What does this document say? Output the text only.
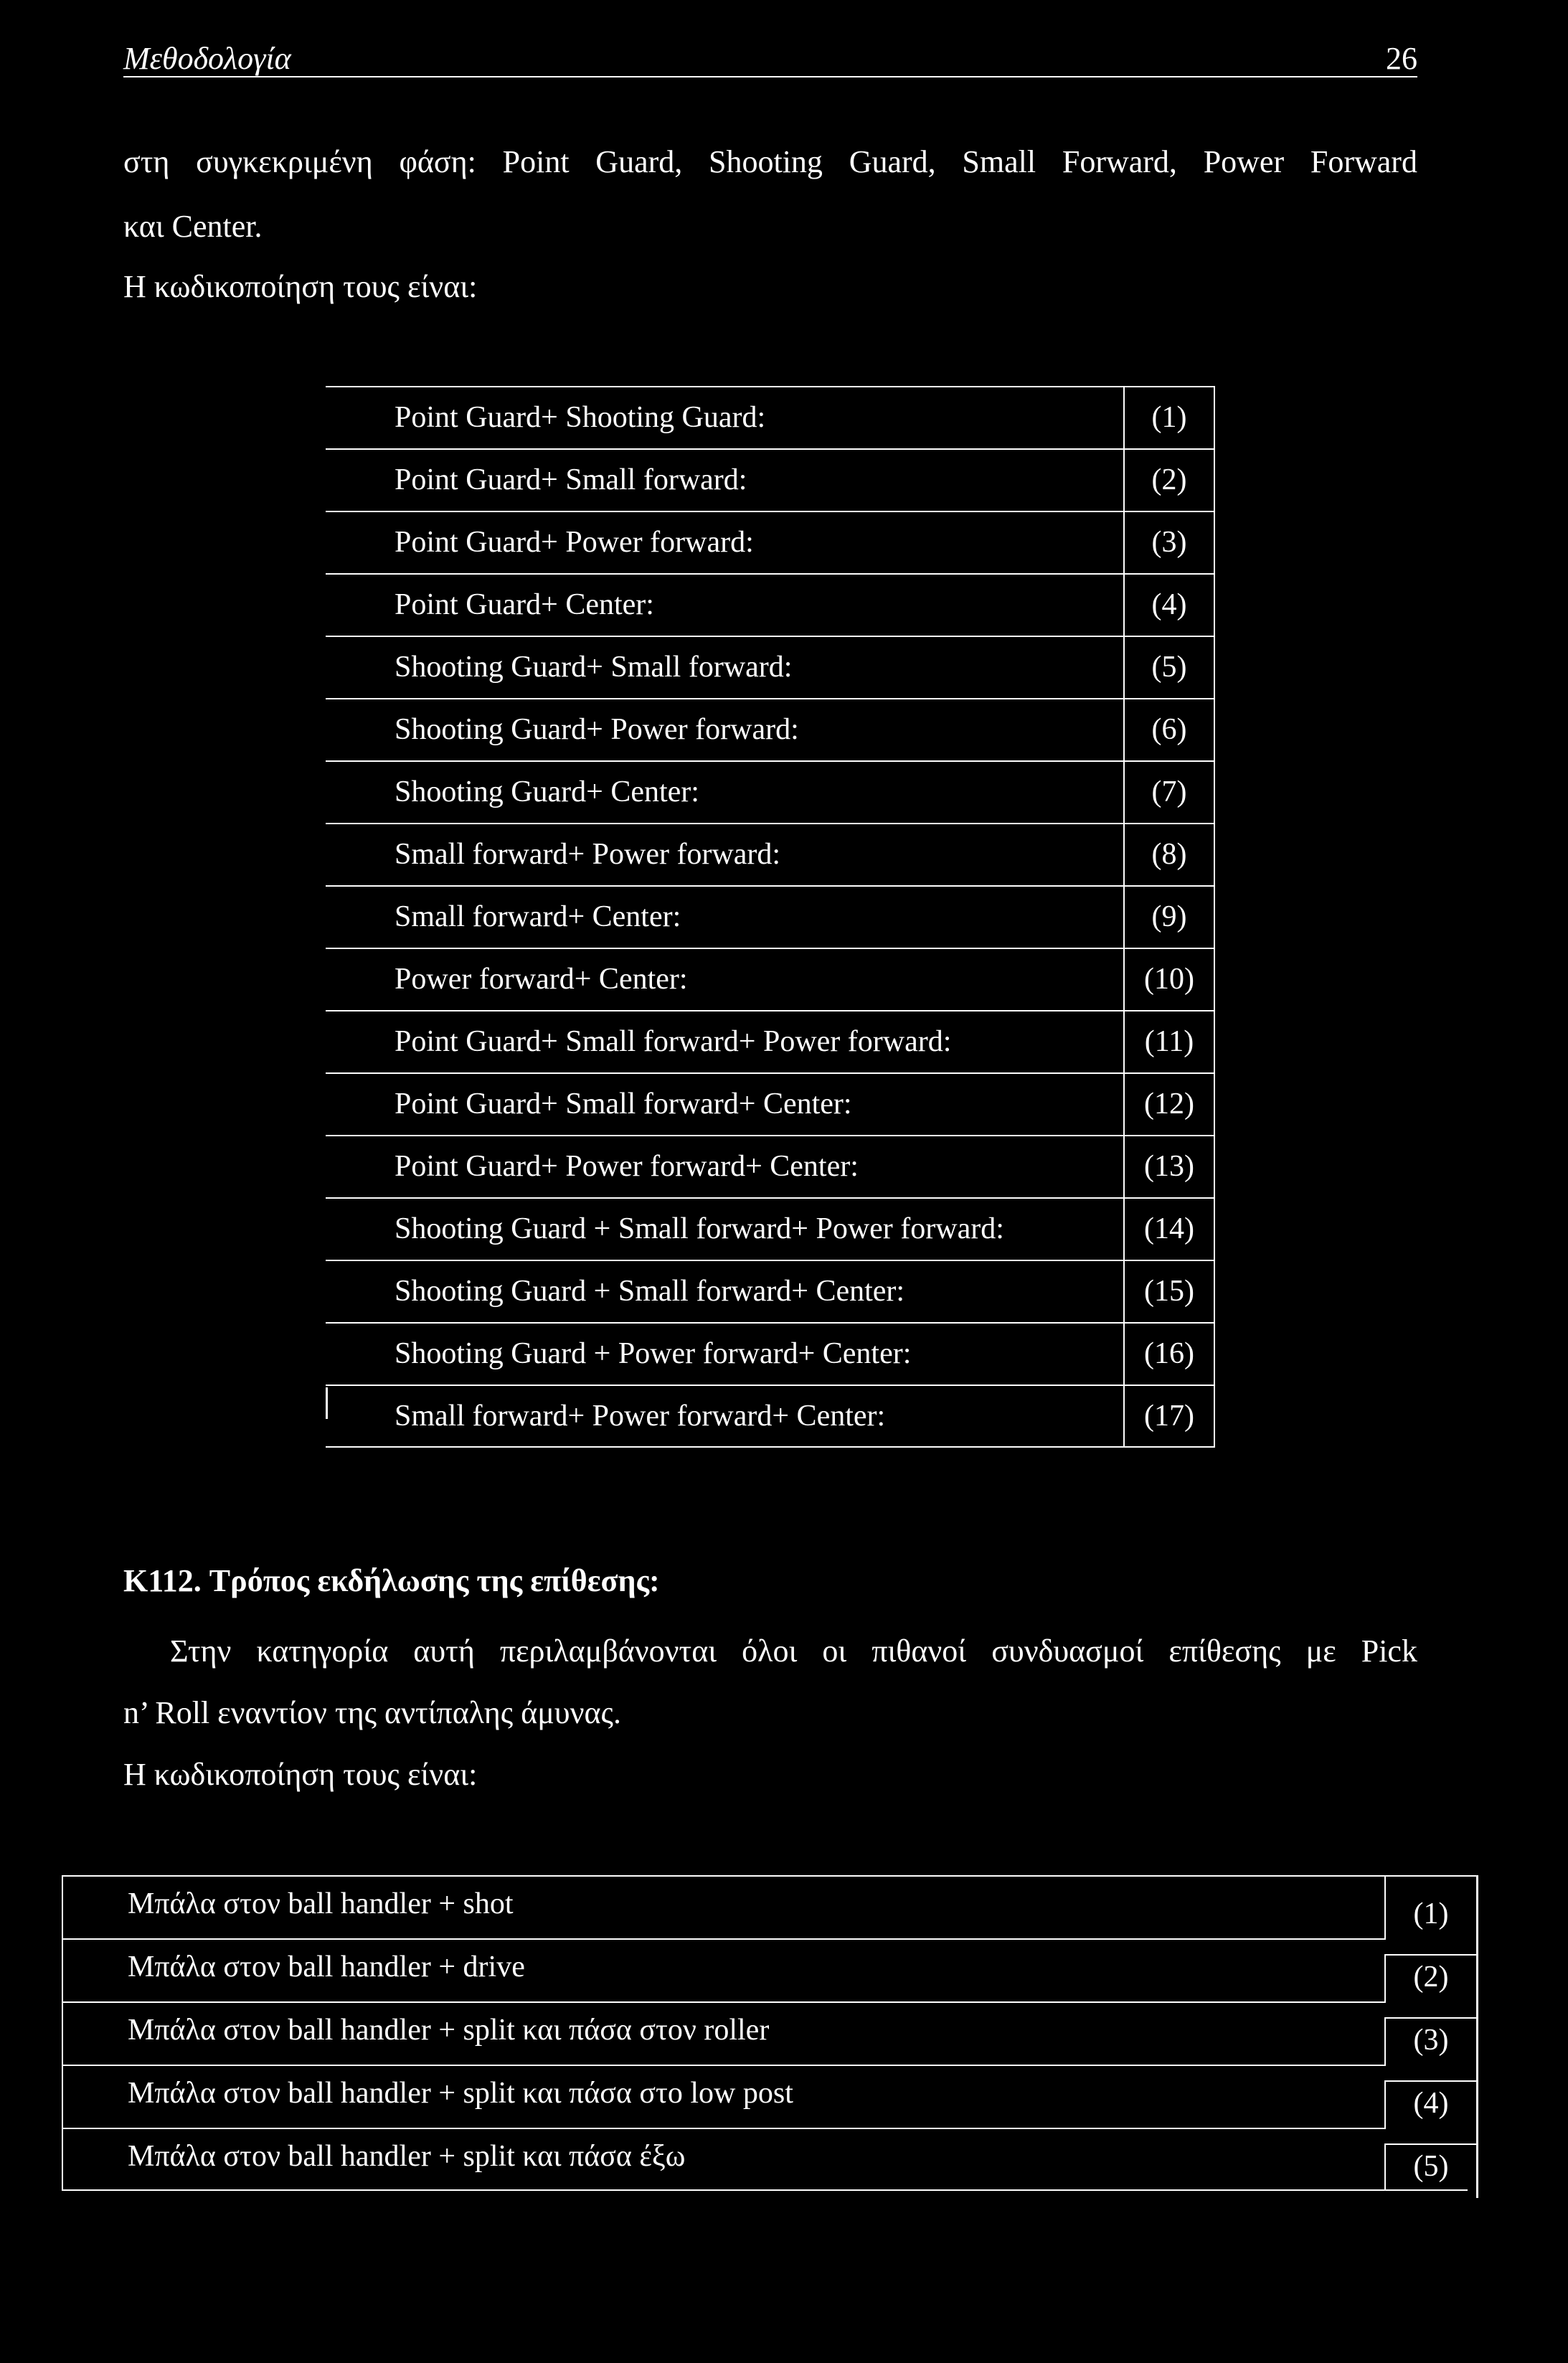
Μεθοδολογία	26
στη συγκεκριμένη φάση: Point Guard, Shooting Guard, Small Forward, Power Forward
και Center.
Η κωδικοποίηση τους είναι:
Point Guard+ Shooting Guard:	(1)
Point Guard+ Small forward:	(2)
Point Guard+ Power forward:	(3)
Point Guard+ Center:	(4)
Shooting Guard+ Small forward:	(5)
Shooting Guard+ Power forward:	(6)
Shooting Guard+ Center:	(7)
Small forward+ Power forward:	(8)
Small forward+ Center:	(9)
Power forward+ Center:	(10)
Point Guard+ Small forward+ Power forward:	(11)
Point Guard+ Small forward+ Center:	(12)
Point Guard+ Power forward+ Center:	(13)
Shooting Guard + Small forward+ Power forward:	(14)
Shooting Guard + Small forward+ Center:	(15)
Shooting Guard + Power forward+ Center:	(16)
Small forward+ Power forward+ Center:	(17)
K112. Τρόπος εκδήλωσης της επίθεσης:
Στην κατηγορία αυτή περιλαμβάνονται όλοι οι πιθανοί συνδυασμοί επίθεσης με Pick
n’ Roll εναντίον της αντίπαλης άμυνας.
Η κωδικοποίηση τους είναι:
Μπάλα στον ball handler + shot	(1)
Μπάλα στον ball handler + drive	(2)
Μπάλα στον ball handler + split και πάσα στον roller	(3)
Μπάλα στον ball handler + split και πάσα στο low post	(4)
Μπάλα στον ball handler + split και πάσα έξω	(5)
